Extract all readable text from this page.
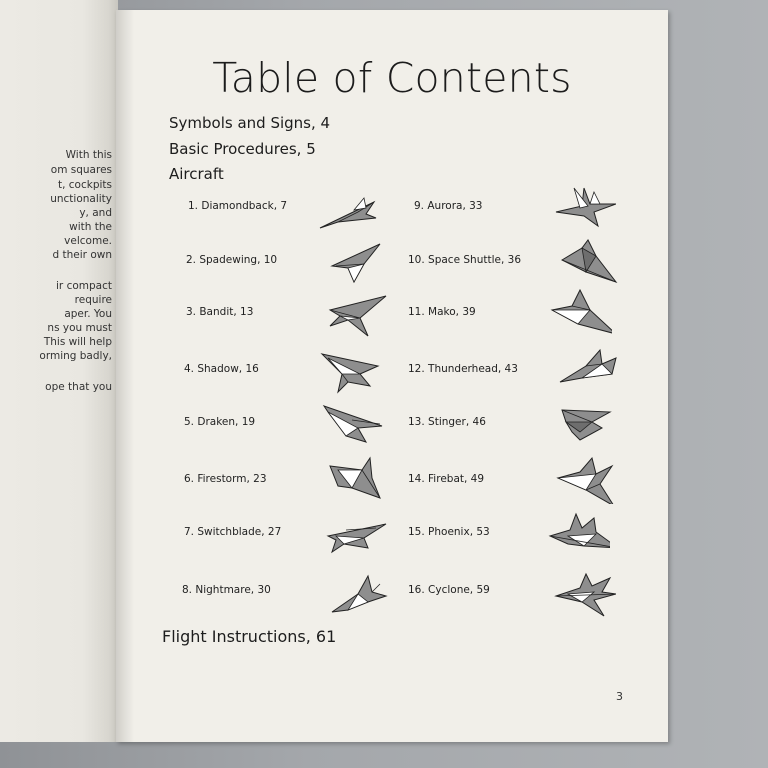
With this
om squares
t, cockpits
unctionality
y, and
with the
velcome.
d their own
ir compact
require
aper. You
ns you must
This will help
orming badly,
ope that you
Table of Contents
Symbols and Signs, 4
Basic Procedures, 5
Aircraft
1. Diamondback, 7
2. Spadewing, 10
3. Bandit, 13
4. Shadow, 16
5. Draken, 19
6. Firestorm, 23
7. Switchblade, 27
8. Nightmare, 30
9. Aurora, 33
10. Space Shuttle, 36
11. Mako, 39
12. Thunderhead, 43
13. Stinger, 46
14. Firebat, 49
15. Phoenix, 53
16. Cyclone, 59
Flight Instructions, 61
3
